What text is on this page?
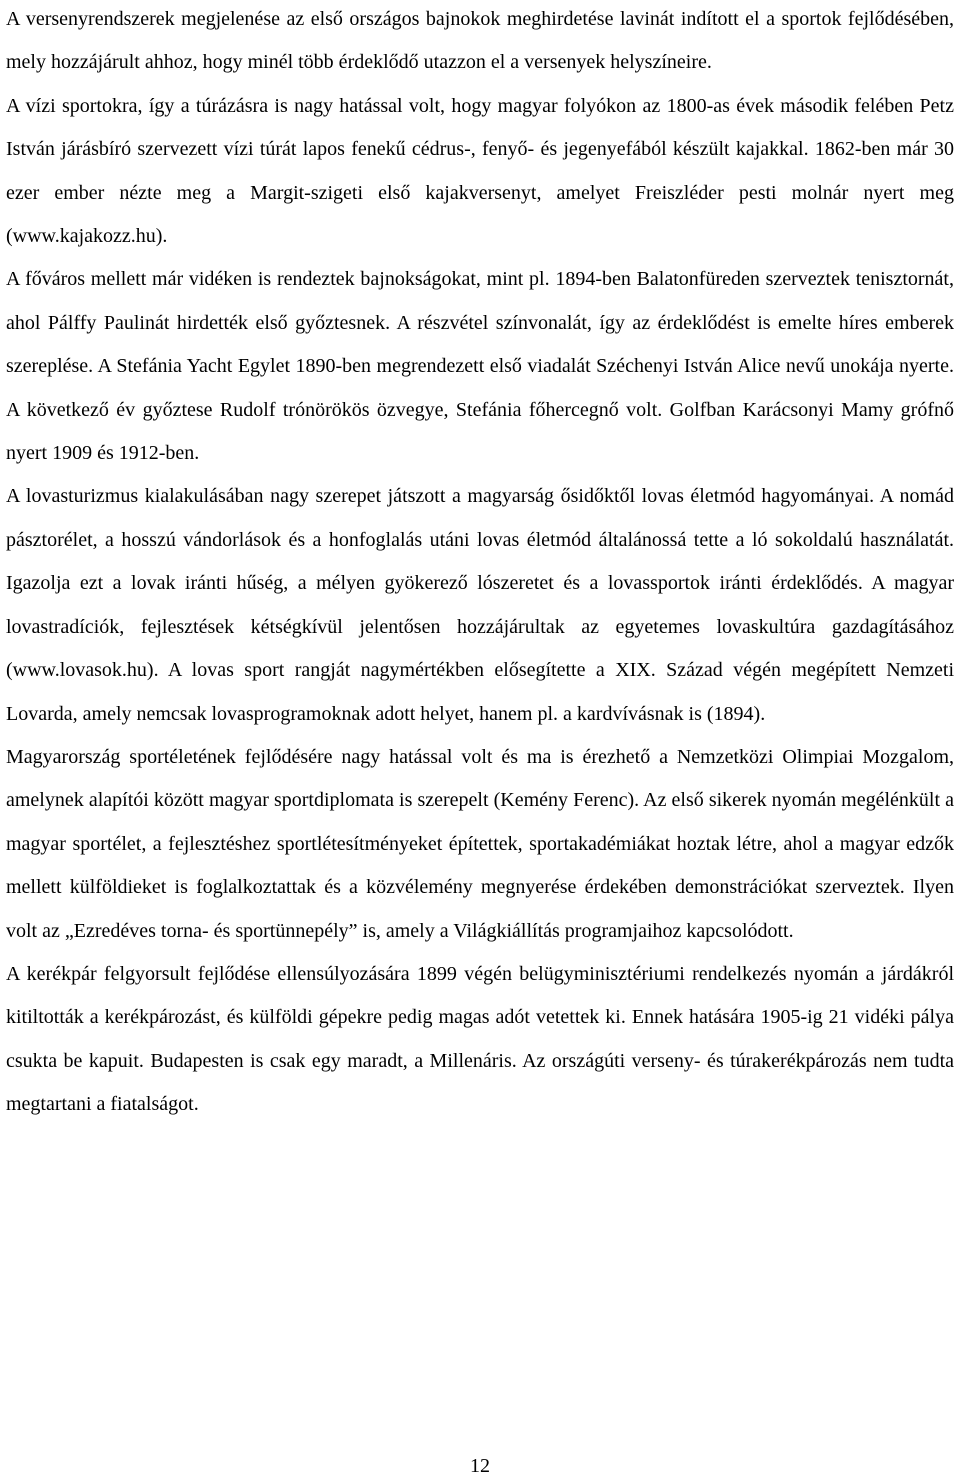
A versenyrendszerek megjelenése az első országos bajnokok meghirdetése lavinát indított el a sportok fejlődésében, mely hozzájárult ahhoz, hogy minél több érdeklődő utazzon el a versenyek helyszíneire.

A vízi sportokra, így a túrázásra is nagy hatással volt, hogy magyar folyókon az 1800-as évek második felében Petz István járásbíró szervezett vízi túrát lapos fenekű cédrus-, fenyő- és jegenyefából készült kajakkal. 1862-ben már 30 ezer ember nézte meg a Margit-szigeti első kajakversenyt, amelyet Freiszléder pesti molnár nyert meg (www.kajakozz.hu).

A főváros mellett már vidéken is rendeztek bajnokságokat, mint pl. 1894-ben Balatonfüreden szerveztek tenisztornát, ahol Pálffy Paulinát hirdették első győztesnek. A részvétel színvonalát, így az érdeklődést is emelte híres emberek szereplése. A Stefánia Yacht Egylet 1890-ben megrendezett első viadalát Széchenyi István Alice nevű unokája nyerte. A következő év győztese Rudolf trónörökös özvegye, Stefánia főhercegnő volt. Golfban Karácsonyi Mamy grófnő nyert 1909 és 1912-ben.

A lovasturizmus kialakulásában nagy szerepet játszott a magyarság ősidőktől lovas életmód hagyományai. A nomád pásztorélet, a hosszú vándorlások és a honfoglalás utáni lovas életmód általánossá tette a ló sokoldalú használatát. Igazolja ezt a lovak iránti hűség, a mélyen gyökerező lószeretet és a lovassportok iránti érdeklődés. A magyar lovastradíciók, fejlesztések kétségkívül jelentősen hozzájárultak az egyetemes lovaskultúra gazdagításához (www.lovasok.hu). A lovas sport rangját nagymértékben elősegítette a XIX. Század végén megépített Nemzeti Lovarda, amely nemcsak lovasprogramoknak adott helyet, hanem pl. a kardvívásnak is (1894).

Magyarország sportéletének fejlődésére nagy hatással volt és ma is érezhető a Nemzetközi Olimpiai Mozgalom, amelynek alapítói között magyar sportdiplomata is szerepelt (Kemény Ferenc). Az első sikerek nyomán megélénkült a magyar sportélet, a fejlesztéshez sportlétesítményeket építettek, sportakadémiákat hoztak létre, ahol a magyar edzők mellett külföldieket is foglalkoztattak és a közvélemény megnyerése érdekében demonstrációkat szerveztek. Ilyen volt az „Ezredéves torna- és sportünnepély” is, amely a Világkiállítás programjaihoz kapcsolódott.

A kerékpár felgyorsult fejlődése ellensúlyozására 1899 végén belügyminisztériumi rendelkezés nyomán a járdákról kitiltották a kerékpározást, és külföldi gépekre pedig magas adót vetettek ki. Ennek hatására 1905-ig 21 vidéki pálya csukta be kapuit. Budapesten is csak egy maradt, a Millenáris. Az országúti verseny- és túrakerékpározás nem tudta megtartani a fiatalságot.

12
